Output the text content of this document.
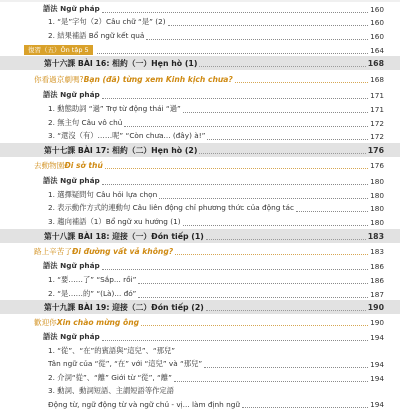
語法 Ngữ pháp	160
1. “是”字句（2）Câu chữ “是” (2)	160
2. 結果補語 Bổ ngữ kết quả	160
復習（五）Ôn tập 5	164
第十六課 BÀI 16: 相約（一）Hẹn hò (1)	168
你看過京劇嗎? Bạn (đã) từng xem Kinh kịch chưa?	168
語法 Ngữ pháp	171
1. 動態助詞 “過” Trợ từ động thái “過”	171
2. 無主句 Câu vô chủ	172
3. “還沒（有）……呢” “Còn chưa... (đây) à!”	172
第十七課 BÀI 17: 相約（二）Hẹn hò (2)	176
去動物園 Đi sở thú	176
語法 Ngữ pháp	180
1. 選擇疑問句 Câu hỏi lựa chọn	180
2. 表示動作方式的連動句 Câu liên động chỉ phương thức của động tác	180
3. 趨向補語（1）Bổ ngữ xu hướng (1)	180
第十八課 BÀI 18: 迎接（一）Đón tiếp (1)	183
路上辛苦了 Đi đường vất vả không?	183
語法 Ngữ pháp	186
1. “要……了” “Sắp... rồi”	186
2. “是……的” “(Là)... đó”	187
第十九課 BÀI 19: 迎接（二）Đón tiếp (2)	190
歡迎你 Xin chào mừng ông	190
語法 Ngữ pháp	194
1. “從”、“在”的賓語與“這兒”、“那兒”
Tân ngữ của “從”, “在” với “這兒” và “那兒”	194
2. 介詞“從”、“離” Giới từ “從”, “離”	194
3. 動詞、動詞短語、主謂短語等作定語
Động từ, ngữ động từ và ngữ chủ - vị... làm định ngữ	194
